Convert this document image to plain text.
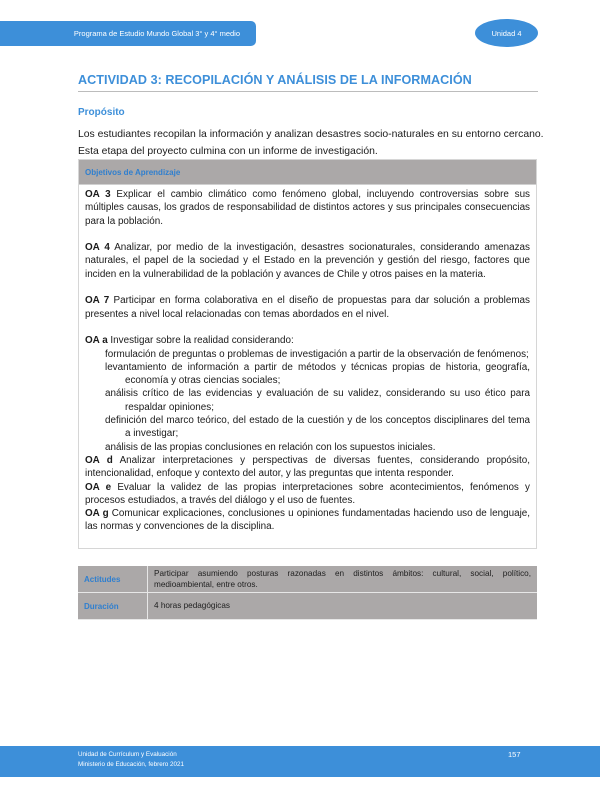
Programa de Estudio Mundo Global 3° y 4° medio	Unidad 4
ACTIVIDAD 3: RECOPILACIÓN Y ANÁLISIS DE LA INFORMACIÓN
Propósito

Los estudiantes recopilan la información y analizan desastres socio-naturales en su entorno cercano. Esta etapa del proyecto culmina con un informe de investigación.

Objetivos de Aprendizaje

OA 3 Explicar el cambio climático como fenómeno global, incluyendo controversias sobre sus múltiples causas, los grados de responsabilidad de distintos actores y sus principales consecuencias para la población.

OA 4 Analizar, por medio de la investigación, desastres socionaturales, considerando amenazas naturales, el papel de la sociedad y el Estado en la prevención y gestión del riesgo, factores que inciden en la vulnerabilidad de la población y avances de Chile y otros paises en la materia.

OA 7 Participar en forma colaborativa en el diseño de propuestas para dar solución a problemas presentes a nivel local relacionadas con temas abordados en el nivel.

OA a Investigar sobre la realidad considerando:

formulación de preguntas o problemas de investigación a partir de la observación de fenómenos;

levantamiento de información a partir de métodos y técnicas propias de historia, geografía, economía y otras ciencias sociales;

análisis crítico de las evidencias y evaluación de su validez, considerando su uso ético para respaldar opiniones;

definición del marco teórico, del estado de la cuestión y de los conceptos disciplinares del tema a investigar;

análisis de las propias conclusiones en relación con los supuestos iniciales.

OA d Analizar interpretaciones y perspectivas de diversas fuentes, considerando propósito, intencionalidad, enfoque y contexto del autor, y las preguntas que intenta responder.

OA e Evaluar la validez de las propias interpretaciones sobre acontecimientos, fenómenos y procesos estudiados, a través del diálogo y el uso de fuentes.

OA g Comunicar explicaciones, conclusiones u opiniones fundamentadas haciendo uso de lenguaje, las normas y convenciones de la disciplina.

Actitudes
Participar asumiendo posturas razonadas en distintos ámbitos: cultural, social, político, medioambiental, entre otros.
Duración	4 horas pedagógicas
Unidad de Currículum y Evaluación
Ministerio de Educación, febrero 2021
157
